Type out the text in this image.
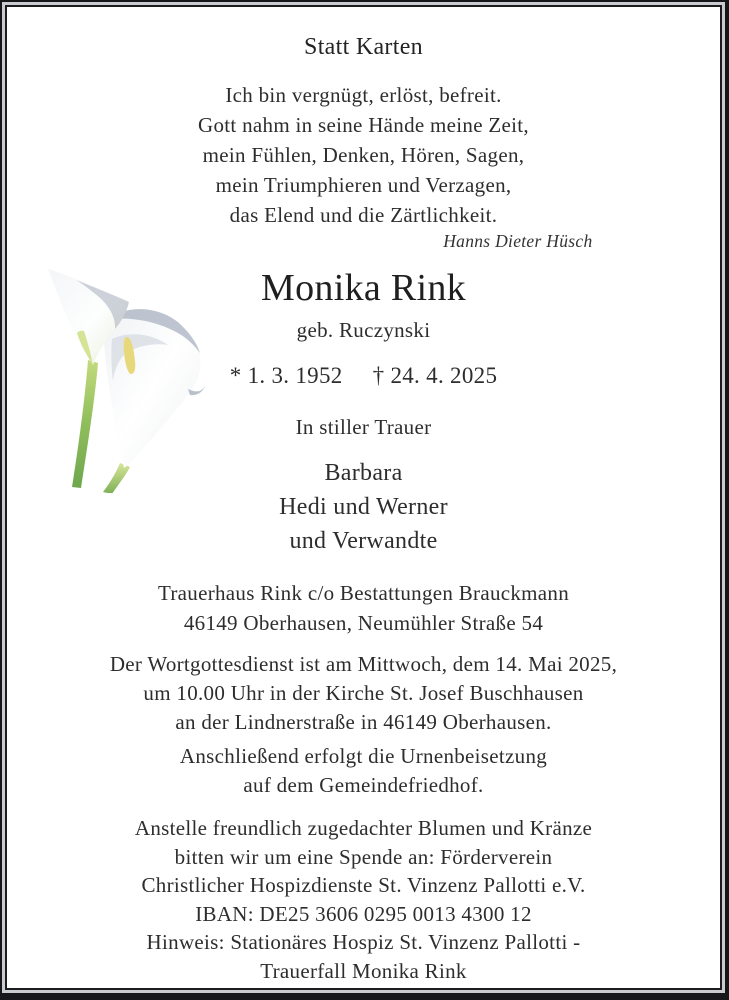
Statt Karten
Ich bin vergnügt, erlöst, befreit.
Gott nahm in seine Hände meine Zeit,
mein Fühlen, Denken, Hören, Sagen,
mein Triumphieren und Verzagen,
das Elend und die Zärtlichkeit.
Hanns Dieter Hüsch
Monika Rink
geb. Ruczynski
* 1. 3. 1952 † 24. 4. 2025
In stiller Trauer
Barbara
Hedi und Werner
und Verwandte
Trauerhaus Rink c/o Bestattungen Brauckmann
46149 Oberhausen, Neumühler Straße 54
Der Wortgottesdienst ist am Mittwoch, dem 14. Mai 2025,
um 10.00 Uhr in der Kirche St. Josef Buschhausen
an der Lindnerstraße in 46149 Oberhausen.
Anschließend erfolgt die Urnenbeisetzung
auf dem Gemeindefriedhof.
Anstelle freundlich zugedachter Blumen und Kränze
bitten wir um eine Spende an: Förderverein
Christlicher Hospizdienste St. Vinzenz Pallotti e.V.
IBAN: DE25 3606 0295 0013 4300 12
Hinweis: Stationäres Hospiz St. Vinzenz Pallotti -
Trauerfall Monika Rink
